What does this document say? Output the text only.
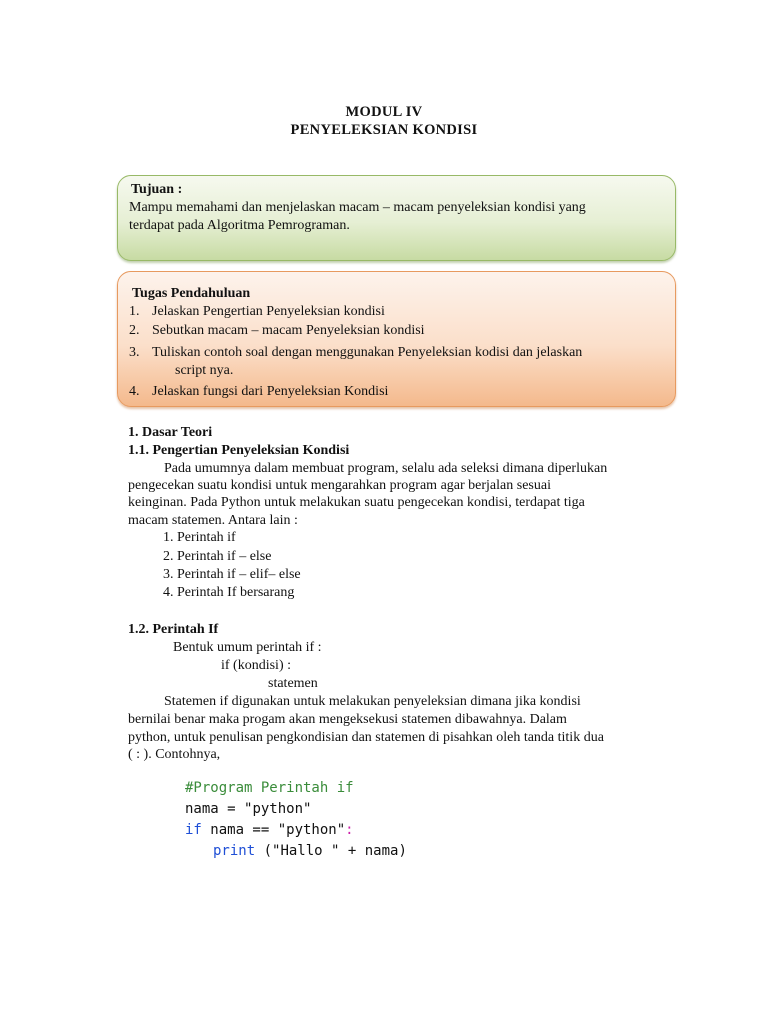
MODUL IV
PENYELEKSIAN KONDISI
Tujuan :
Mampu memahami dan menjelaskan macam – macam penyeleksian kondisi yang
terdapat pada Algoritma Pemrograman.
Tugas Pendahuluan
1. Jelaskan Pengertian Penyeleksian kondisi
2. Sebutkan macam – macam Penyeleksian kondisi
3. Tuliskan contoh soal dengan menggunakan Penyeleksian kodisi dan jelaskan
script nya.
4. Jelaskan fungsi dari Penyeleksian Kondisi
1. Dasar Teori
1.1. Pengertian Penyeleksian Kondisi
Pada umumnya dalam membuat program, selalu ada seleksi dimana diperlukan
pengecekan suatu kondisi untuk mengarahkan program agar berjalan sesuai
keinginan. Pada Python untuk melakukan suatu pengecekan kondisi, terdapat tiga
macam statemen. Antara lain :
1. Perintah if
2. Perintah if – else
3. Perintah if – elif– else
4. Perintah If bersarang
1.2. Perintah If
Bentuk umum perintah if :
if (kondisi) :
statemen
Statemen if digunakan untuk melakukan penyeleksian dimana jika kondisi
bernilai benar maka progam akan mengeksekusi statemen dibawahnya. Dalam
python, untuk penulisan pengkondisian dan statemen di pisahkan oleh tanda titik dua
( : ). Contohnya,
#Program Perintah if
nama = "python"
if nama == "python":
print ("Hallo " + nama)
